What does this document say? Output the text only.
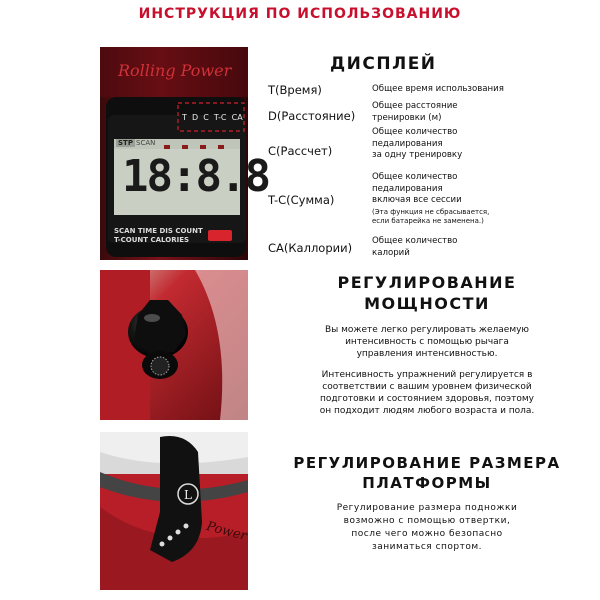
ИНСТРУКЦИЯ ПО ИСПОЛЬЗОВАНИЮ
Rolling Power
T  D  C  T-C  CA
STP SCAN
18:8.8
SCAN TIME DIS COUNT
T-COUNT CALORIES
L
Power
ДИСПЛЕЙ
Т(Время)	Общее время использования
D(Расстояние)
Общее расстояние
тренировки (м)
С(Рассчет)
Общее количество
педалирования
за одну тренировку
T-C(Сумма)
Общее количество
педалирования
включая все сессии
(Эта функция не сбрасывается,
если батарейка не заменена.)
СА(Каллории) Общее количество
калорий
РЕГУЛИРОВАНИЕ
МОЩНОСТИ
Вы можете легко регулировать желаемую
интенсивность с помощью рычага
управления интенсивностью.
Интенсивность упражнений регулируется в
соответствии с вашим уровнем физической
подготовки и состоянием здоровья, поэтому
он подходит людям любого возраста и пола.
РЕГУЛИРОВАНИЕ РАЗМЕРА
ПЛАТФОРМЫ
Регулирование размера подножки
возможно с помощью отвертки,
после чего можно безопасно
заниматься спортом.
